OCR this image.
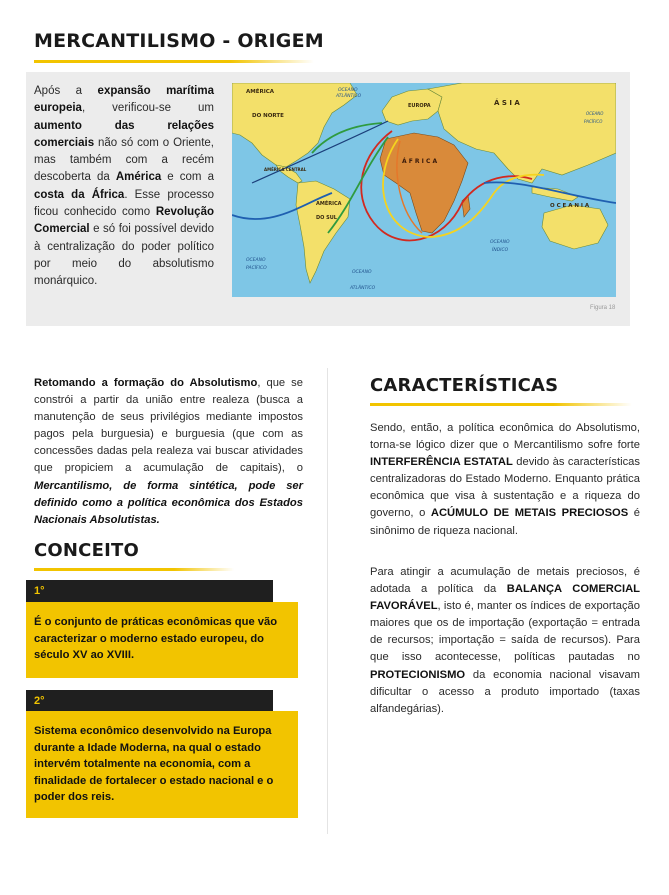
MERCANTILISMO - ORIGEM
Após a expansão marítima europeia, verificou-se um aumento das relações comerciais não só com o Oriente, mas também com a recém descoberta da América e com a costa da África. Esse processo ficou conhecido como Revolução Comercial e só foi possível devido à centralização do poder político por meio do absolutismo monárquico.
AMÉRICA
DO NORTE
AMÉRICA CENTRAL
AMÉRICA
DO SUL
EUROPA	Á S I A
Á F R I C A
O C E A N I A
OCEANO
ATLÂNTICO
OCEANO
PACÍFICO
OCEANO
ATLÂNTICO
OCEANO
ÍNDICO
OCEANO
PACÍFICO
Figura 18
Retomando a formação do Absolutismo, que se constrói a partir da união entre realeza (busca a manutenção de seus privilégios mediante impostos pagos pela burguesia) e burguesia (que com as concessões dadas pela realeza vai buscar atividades que propiciem a acumulação de capitais), o Mercantilismo, de forma sintética, pode ser definido como a política econômica dos Estados Nacionais Absolutistas.
CONCEITO
1°
É o conjunto de práticas econômicas que vão caracterizar o moderno estado europeu, do século XV ao XVIII.
2°
Sistema econômico desenvolvido na Europa durante a Idade Moderna, na qual o estado intervém totalmente na economia, com a finalidade de fortalecer o estado nacional e o poder dos reis.
CARACTERÍSTICAS
Sendo, então, a política econômica do Absolutismo, torna-se lógico dizer que o Mercantilismo sofre forte INTERFERÊNCIA ESTATAL devido às características centralizadoras do Estado Moderno. Enquanto prática econômica que visa à sustentação e a riqueza do governo, o ACÚMULO DE METAIS PRECIOSOS é sinônimo de riqueza nacional.
Para atingir a acumulação de metais preciosos, é adotada a política da BALANÇA COMERCIAL FAVORÁVEL, isto é, manter os índices de exportação maiores que os de importação (exportação = entrada de recursos; importação = saída de recursos). Para que isso acontecesse, políticas pautadas no PROTECIONISMO da economia nacional visavam dificultar o acesso a produto importado (taxas alfandegárias).
